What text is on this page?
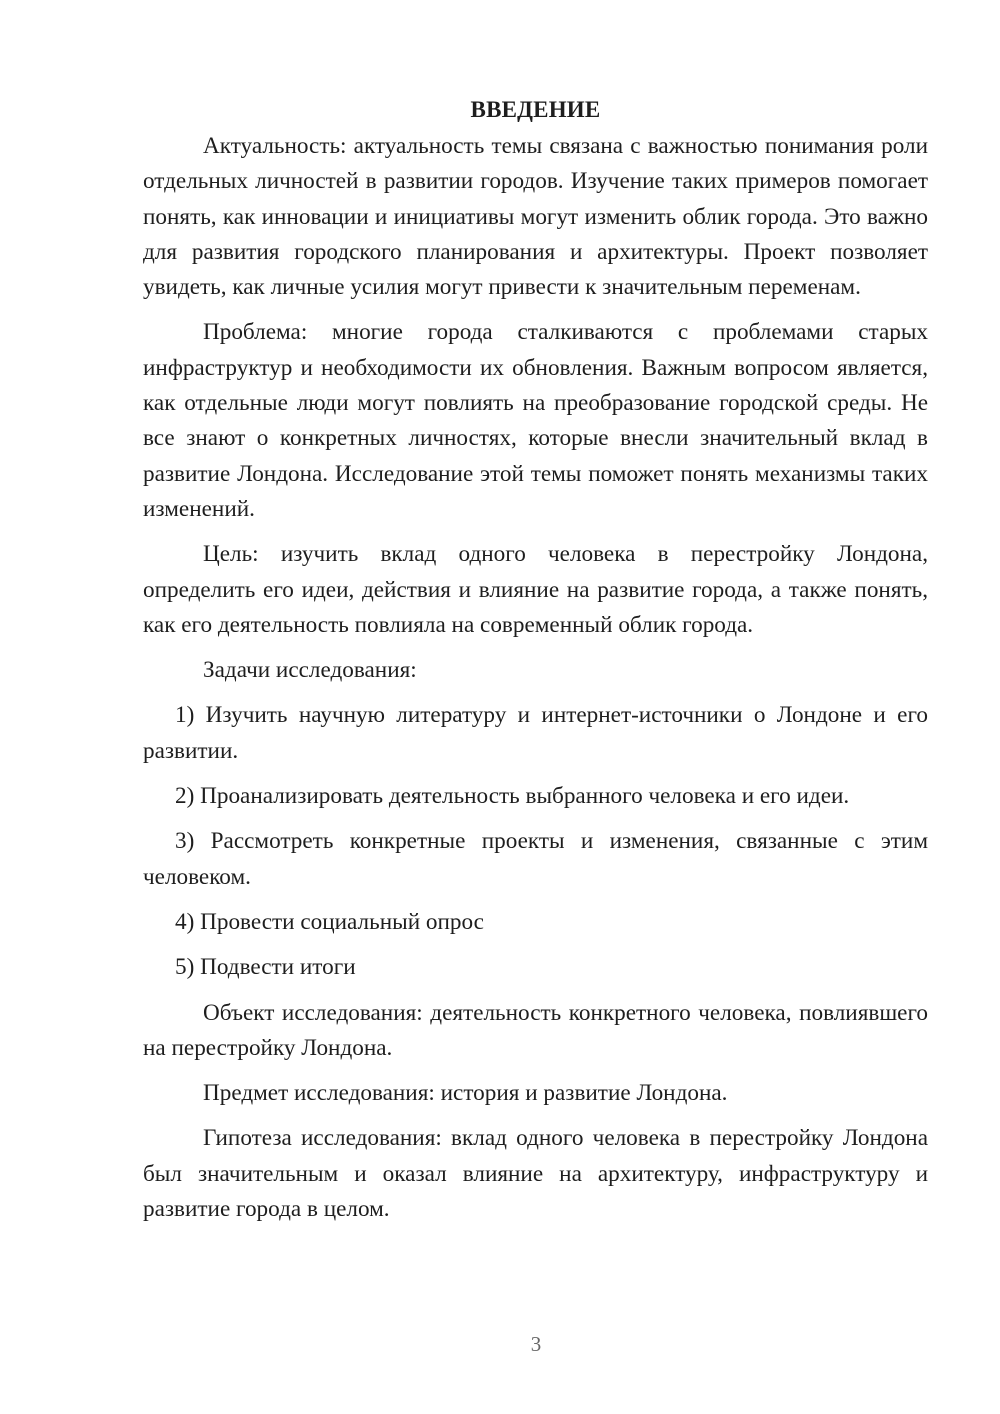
ВВЕДЕНИЕ

Актуальность: актуальность темы связана с важностью понимания роли отдельных личностей в развитии городов. Изучение таких примеров помогает понять, как инновации и инициативы могут изменить облик города. Это важно для развития городского планирования и архитектуры. Проект позволяет увидеть, как личные усилия могут привести к значительным переменам.

Проблема: многие города сталкиваются с проблемами старых инфраструктур и необходимости их обновления. Важным вопросом является, как отдельные люди могут повлиять на преобразование городской среды. Не все знают о конкретных личностях, которые внесли значительный вклад в развитие Лондона. Исследование этой темы поможет понять механизмы таких изменений.

Цель: изучить вклад одного человека в перестройку Лондона, определить его идеи, действия и влияние на развитие города, а также понять, как его деятельность повлияла на современный облик города.

Задачи исследования:

1) Изучить научную литературу и интернет-источники о Лондоне и его развитии.

2) Проанализировать деятельность выбранного человека и его идеи.

3) Рассмотреть конкретные проекты и изменения, связанные с этим человеком.

4) Провести социальный опрос

5) Подвести итоги

Объект исследования: деятельность конкретного человека, повлиявшего на перестройку Лондона.

Предмет исследования: история и развитие Лондона.

Гипотеза исследования: вклад одного человека в перестройку Лондона был значительным и оказал влияние на архитектуру, инфраструктуру и развитие города в целом.

3
